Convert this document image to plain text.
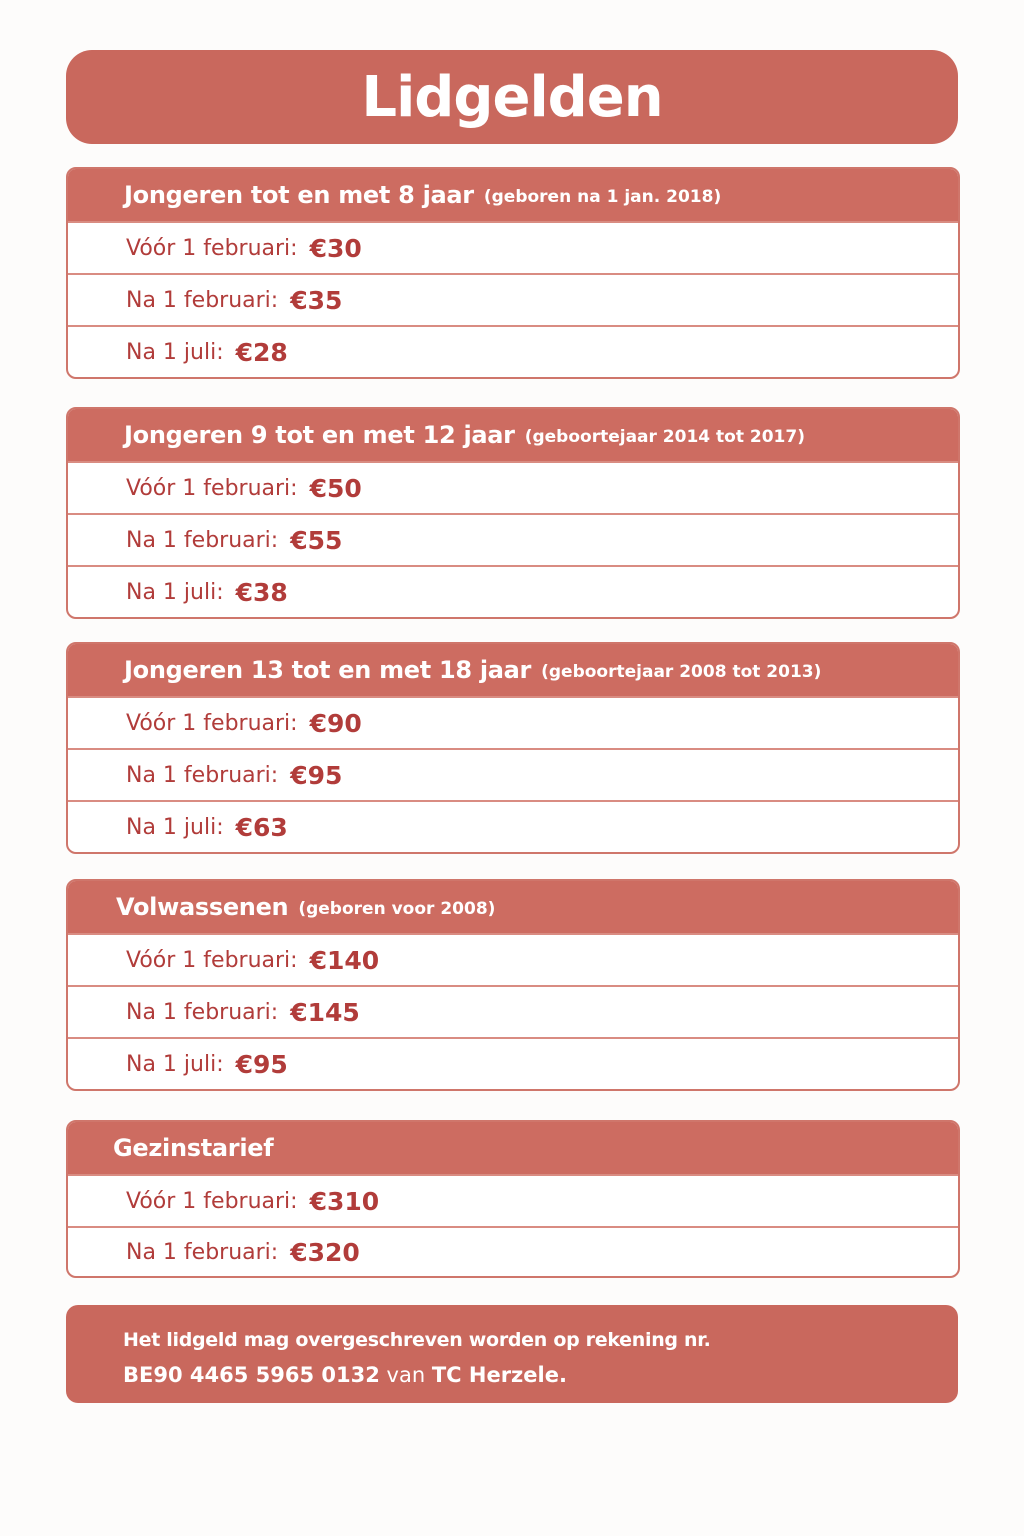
Lidgelden
Jongeren tot en met 8 jaar (geboren na 1 jan. 2018)
Vóór 1 februari: €30
Na 1 februari: €35
Na 1 juli: €28
Jongeren 9 tot en met 12 jaar (geboortejaar 2014 tot 2017)
Vóór 1 februari: €50
Na 1 februari: €55
Na 1 juli: €38
Jongeren 13 tot en met 18 jaar (geboortejaar 2008 tot 2013)
Vóór 1 februari: €90
Na 1 februari: €95
Na 1 juli: €63
Volwassenen (geboren voor 2008)
Vóór 1 februari: €140
Na 1 februari: €145
Na 1 juli: €95
Gezinstarief
Vóór 1 februari: €310
Na 1 februari: €320
Het lidgeld mag overgeschreven worden op rekening nr.
BE90 4465 5965 0132 van TC Herzele.
